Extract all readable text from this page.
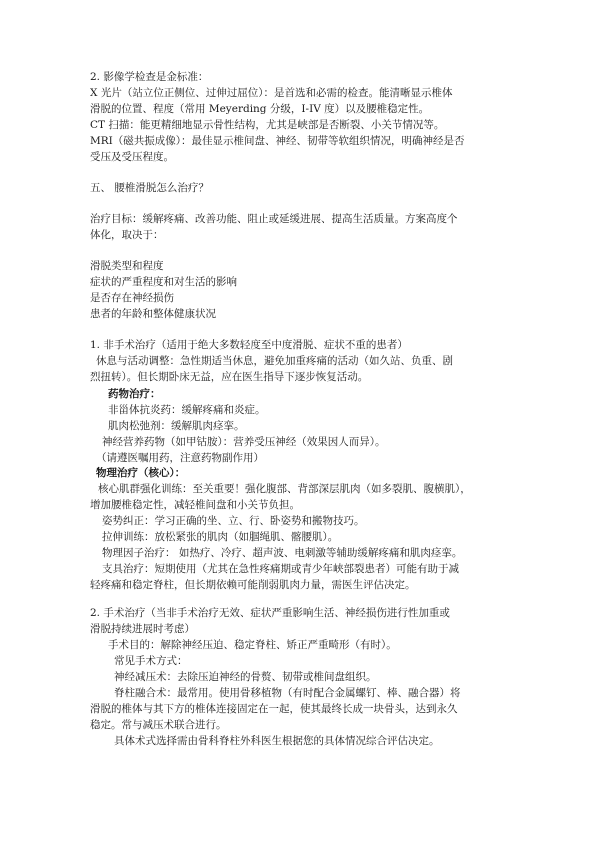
2. 影像学检查是金标准：
X 光片（站立位正侧位、过伸过屈位）：是首选和必需的检查。能清晰显示椎体
滑脱的位置、程度（常用 Meyerding 分级，I-IV 度）以及腰椎稳定性。
CT 扫描：能更精细地显示骨性结构，尤其是峡部是否断裂、小关节情况等。
MRI（磁共振成像）：最佳显示椎间盘、神经、韧带等软组织情况，明确神经是否
受压及受压程度。
五、 腰椎滑脱怎么治疗？
治疗目标：缓解疼痛、改善功能、阻止或延缓进展、提高生活质量。方案高度个
体化，取决于：
滑脱类型和程度
症状的严重程度和对生活的影响
是否存在神经损伤
患者的年龄和整体健康状况
1. 非手术治疗（适用于绝大多数轻度至中度滑脱、症状不重的患者）
休息与活动调整：急性期适当休息，避免加重疼痛的活动（如久站、负重、剧
烈扭转）。但长期卧床无益，应在医生指导下逐步恢复活动。
药物治疗：
非甾体抗炎药：缓解疼痛和炎症。
肌肉松弛剂：缓解肌肉痉挛。
神经营养药物（如甲钴胺）：营养受压神经（效果因人而异）。
（请遵医嘱用药，注意药物副作用）
物理治疗（核心）：
核心肌群强化训练：至关重要！强化腹部、背部深层肌肉（如多裂肌、腹横肌），
增加腰椎稳定性，减轻椎间盘和小关节负担。
姿势纠正：学习正确的坐、立、行、卧姿势和搬物技巧。
拉伸训练：放松紧张的肌肉（如腘绳肌、髂腰肌）。
物理因子治疗： 如热疗、冷疗、超声波、电刺激等辅助缓解疼痛和肌肉痉挛。
支具治疗：短期使用（尤其在急性疼痛期或青少年峡部裂患者）可能有助于减
轻疼痛和稳定脊柱，但长期依赖可能削弱肌肉力量，需医生评估决定。
2. 手术治疗（当非手术治疗无效、症状严重影响生活、神经损伤进行性加重或
滑脱持续进展时考虑）
手术目的：解除神经压迫、稳定脊柱、矫正严重畸形（有时）。
常见手术方式：
神经减压术：去除压迫神经的骨赘、韧带或椎间盘组织。
脊柱融合术：最常用。使用骨移植物（有时配合金属螺钉、棒、融合器）将
滑脱的椎体与其下方的椎体连接固定在一起，使其最终长成一块骨头，达到永久
稳定。常与减压术联合进行。
具体术式选择需由骨科脊柱外科医生根据您的具体情况综合评估决定。
